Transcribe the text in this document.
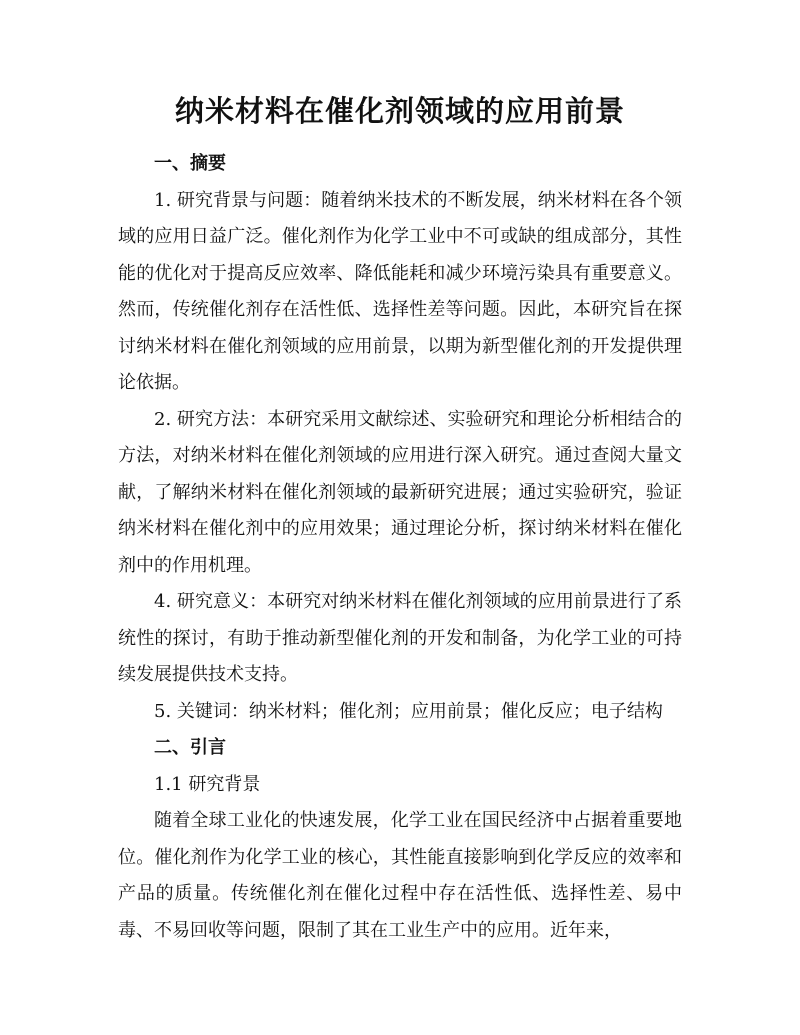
纳米材料在催化剂领域的应用前景

一、摘要

1. 研究背景与问题：随着纳米技术的不断发展，纳米材料在各个领域的应用日益广泛。催化剂作为化学工业中不可或缺的组成部分，其性能的优化对于提高反应效率、降低能耗和减少环境污染具有重要意义。然而，传统催化剂存在活性低、选择性差等问题。因此，本研究旨在探讨纳米材料在催化剂领域的应用前景，以期为新型催化剂的开发提供理论依据。

2. 研究方法：本研究采用文献综述、实验研究和理论分析相结合的方法，对纳米材料在催化剂领域的应用进行深入研究。通过查阅大量文献，了解纳米材料在催化剂领域的最新研究进展；通过实验研究，验证纳米材料在催化剂中的应用效果；通过理论分析，探讨纳米材料在催化剂中的作用机理。

4. 研究意义：本研究对纳米材料在催化剂领域的应用前景进行了系统性的探讨，有助于推动新型催化剂的开发和制备，为化学工业的可持续发展提供技术支持。

5. 关键词：纳米材料；催化剂；应用前景；催化反应；电子结构

二、引言

1.1 研究背景

随着全球工业化的快速发展，化学工业在国民经济中占据着重要地位。催化剂作为化学工业的核心，其性能直接影响到化学反应的效率和产品的质量。传统催化剂在催化过程中存在活性低、选择性差、易中毒、不易回收等问题，限制了其在工业生产中的应用。近年来，
